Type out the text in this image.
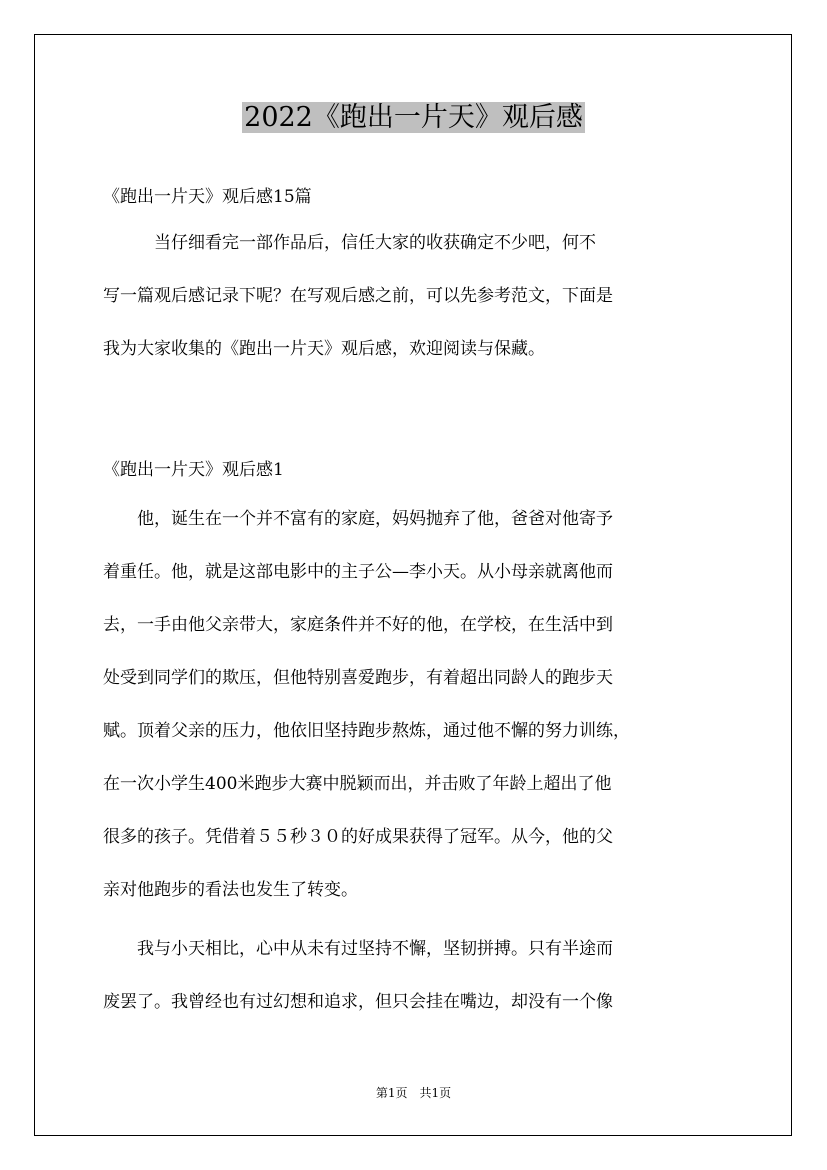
2022《跑出一片天》观后感
《跑出一片天》观后感15篇
　　　当仔细看完一部作品后，信任大家的收获确定不少吧，何不
写一篇观后感记录下呢？在写观后感之前，可以先参考范文，下面是
我为大家收集的《跑出一片天》观后感，欢迎阅读与保藏。
《跑出一片天》观后感1
　　他，诞生在一个并不富有的家庭，妈妈抛弃了他，爸爸对他寄予
着重任。他，就是这部电影中的主子公—李小天。从小母亲就离他而
去，一手由他父亲带大，家庭条件并不好的他，在学校，在生活中到
处受到同学们的欺压，但他特别喜爱跑步，有着超出同龄人的跑步天
赋。顶着父亲的压力，他依旧坚持跑步熬炼，通过他不懈的努力训练，
在一次小学生400米跑步大赛中脱颖而出，并击败了年龄上超出了他
很多的孩子。凭借着５５秒３０的好成果获得了冠军。从今，他的父
亲对他跑步的看法也发生了转变。
　　我与小天相比，心中从未有过坚持不懈，坚韧拼搏。只有半途而
废罢了。我曾经也有过幻想和追求，但只会挂在嘴边，却没有一个像
第1页　共1页
